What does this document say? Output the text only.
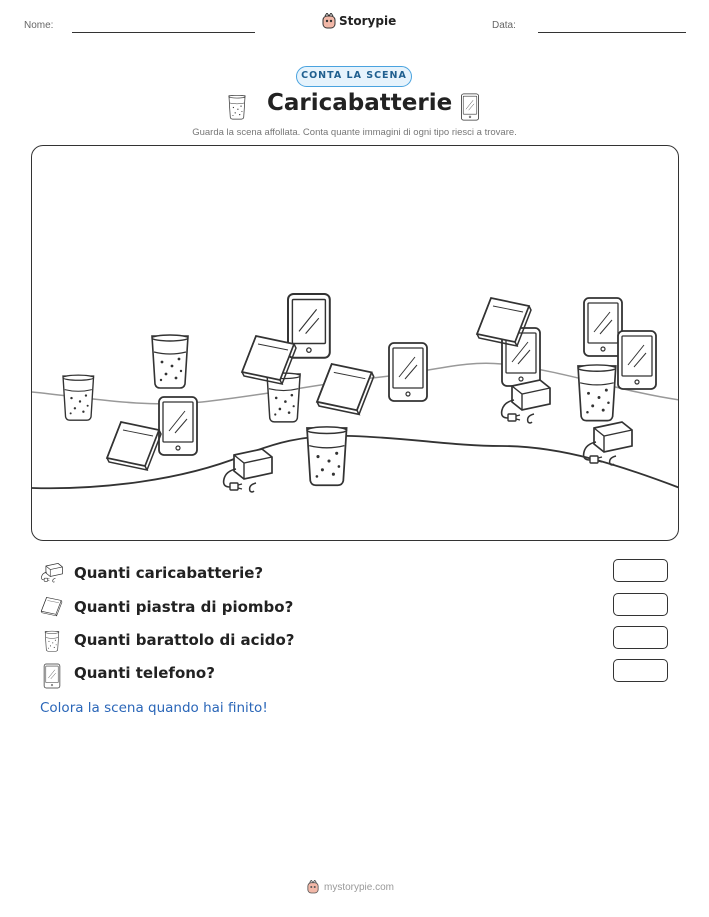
Nome:	Storypie	Data:
CONTA LA SCENA
Caricabatterie
Guarda la scena affollata. Conta quante immagini di ogni tipo riesci a trovare.
Quanti caricabatterie?
Quanti piastra di piombo?
Quanti barattolo di acido?
Quanti telefono?
Colora la scena quando hai finito!
mystorypie.com
